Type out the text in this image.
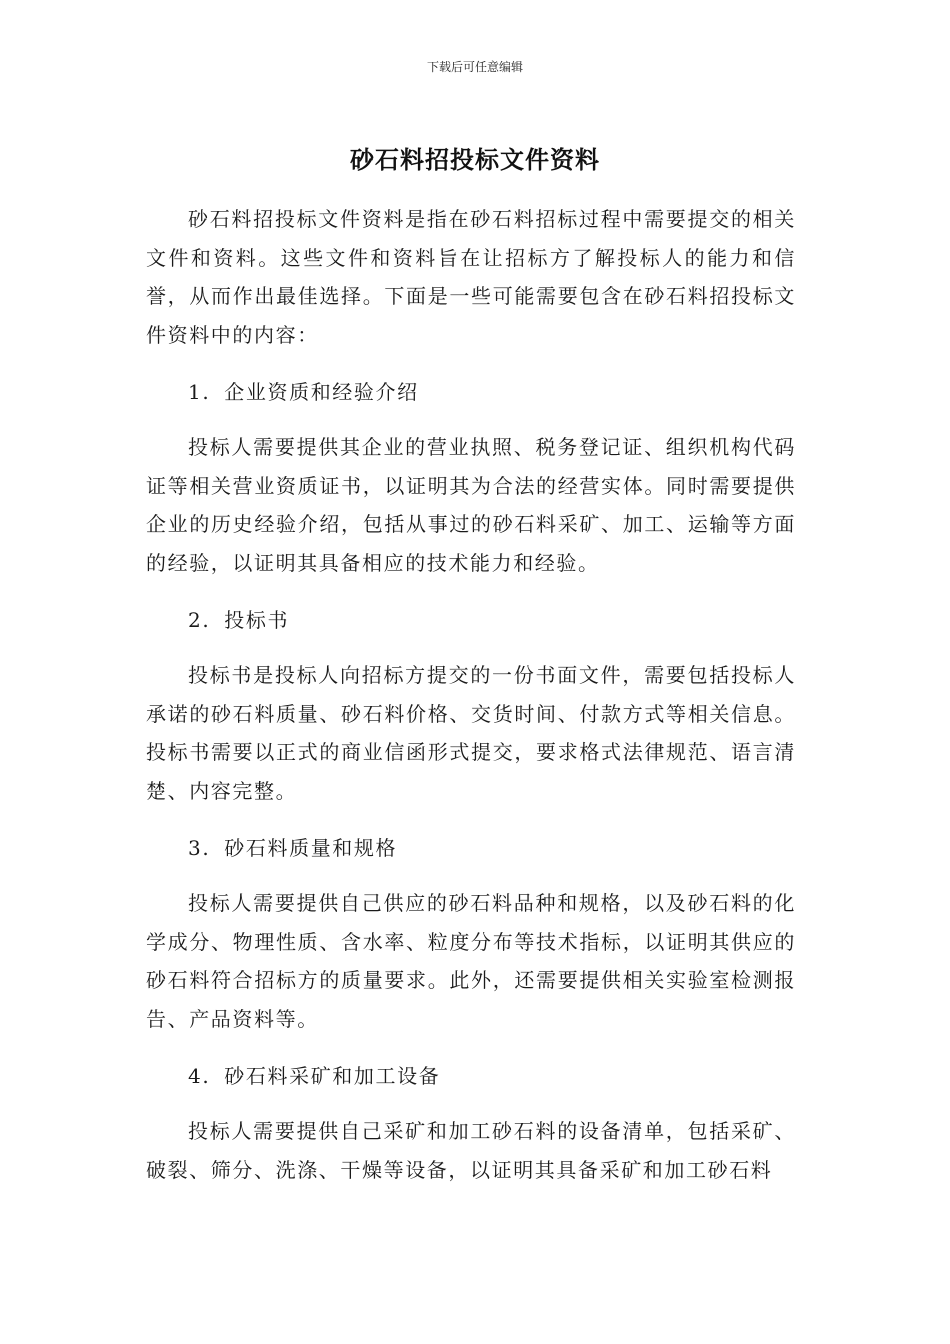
下载后可任意编辑
砂石料招投标文件资料

砂石料招投标文件资料是指在砂石料招标过程中需要提交的相关文件和资料。这些文件和资料旨在让招标方了解投标人的能力和信誉，从而作出最佳选择。下面是一些可能需要包含在砂石料招投标文件资料中的内容：

1. 企业资质和经验介绍

投标人需要提供其企业的营业执照、税务登记证、组织机构代码证等相关营业资质证书，以证明其为合法的经营实体。同时需要提供企业的历史经验介绍，包括从事过的砂石料采矿、加工、运输等方面的经验，以证明其具备相应的技术能力和经验。

2. 投标书

投标书是投标人向招标方提交的一份书面文件，需要包括投标人承诺的砂石料质量、砂石料价格、交货时间、付款方式等相关信息。投标书需要以正式的商业信函形式提交，要求格式法律规范、语言清楚、内容完整。

3. 砂石料质量和规格

投标人需要提供自己供应的砂石料品种和规格，以及砂石料的化学成分、物理性质、含水率、粒度分布等技术指标，以证明其供应的砂石料符合招标方的质量要求。此外，还需要提供相关实验室检测报告、产品资料等。

4. 砂石料采矿和加工设备

投标人需要提供自己采矿和加工砂石料的设备清单，包括采矿、破裂、筛分、洗涤、干燥等设备，以证明其具备采矿和加工砂石料
